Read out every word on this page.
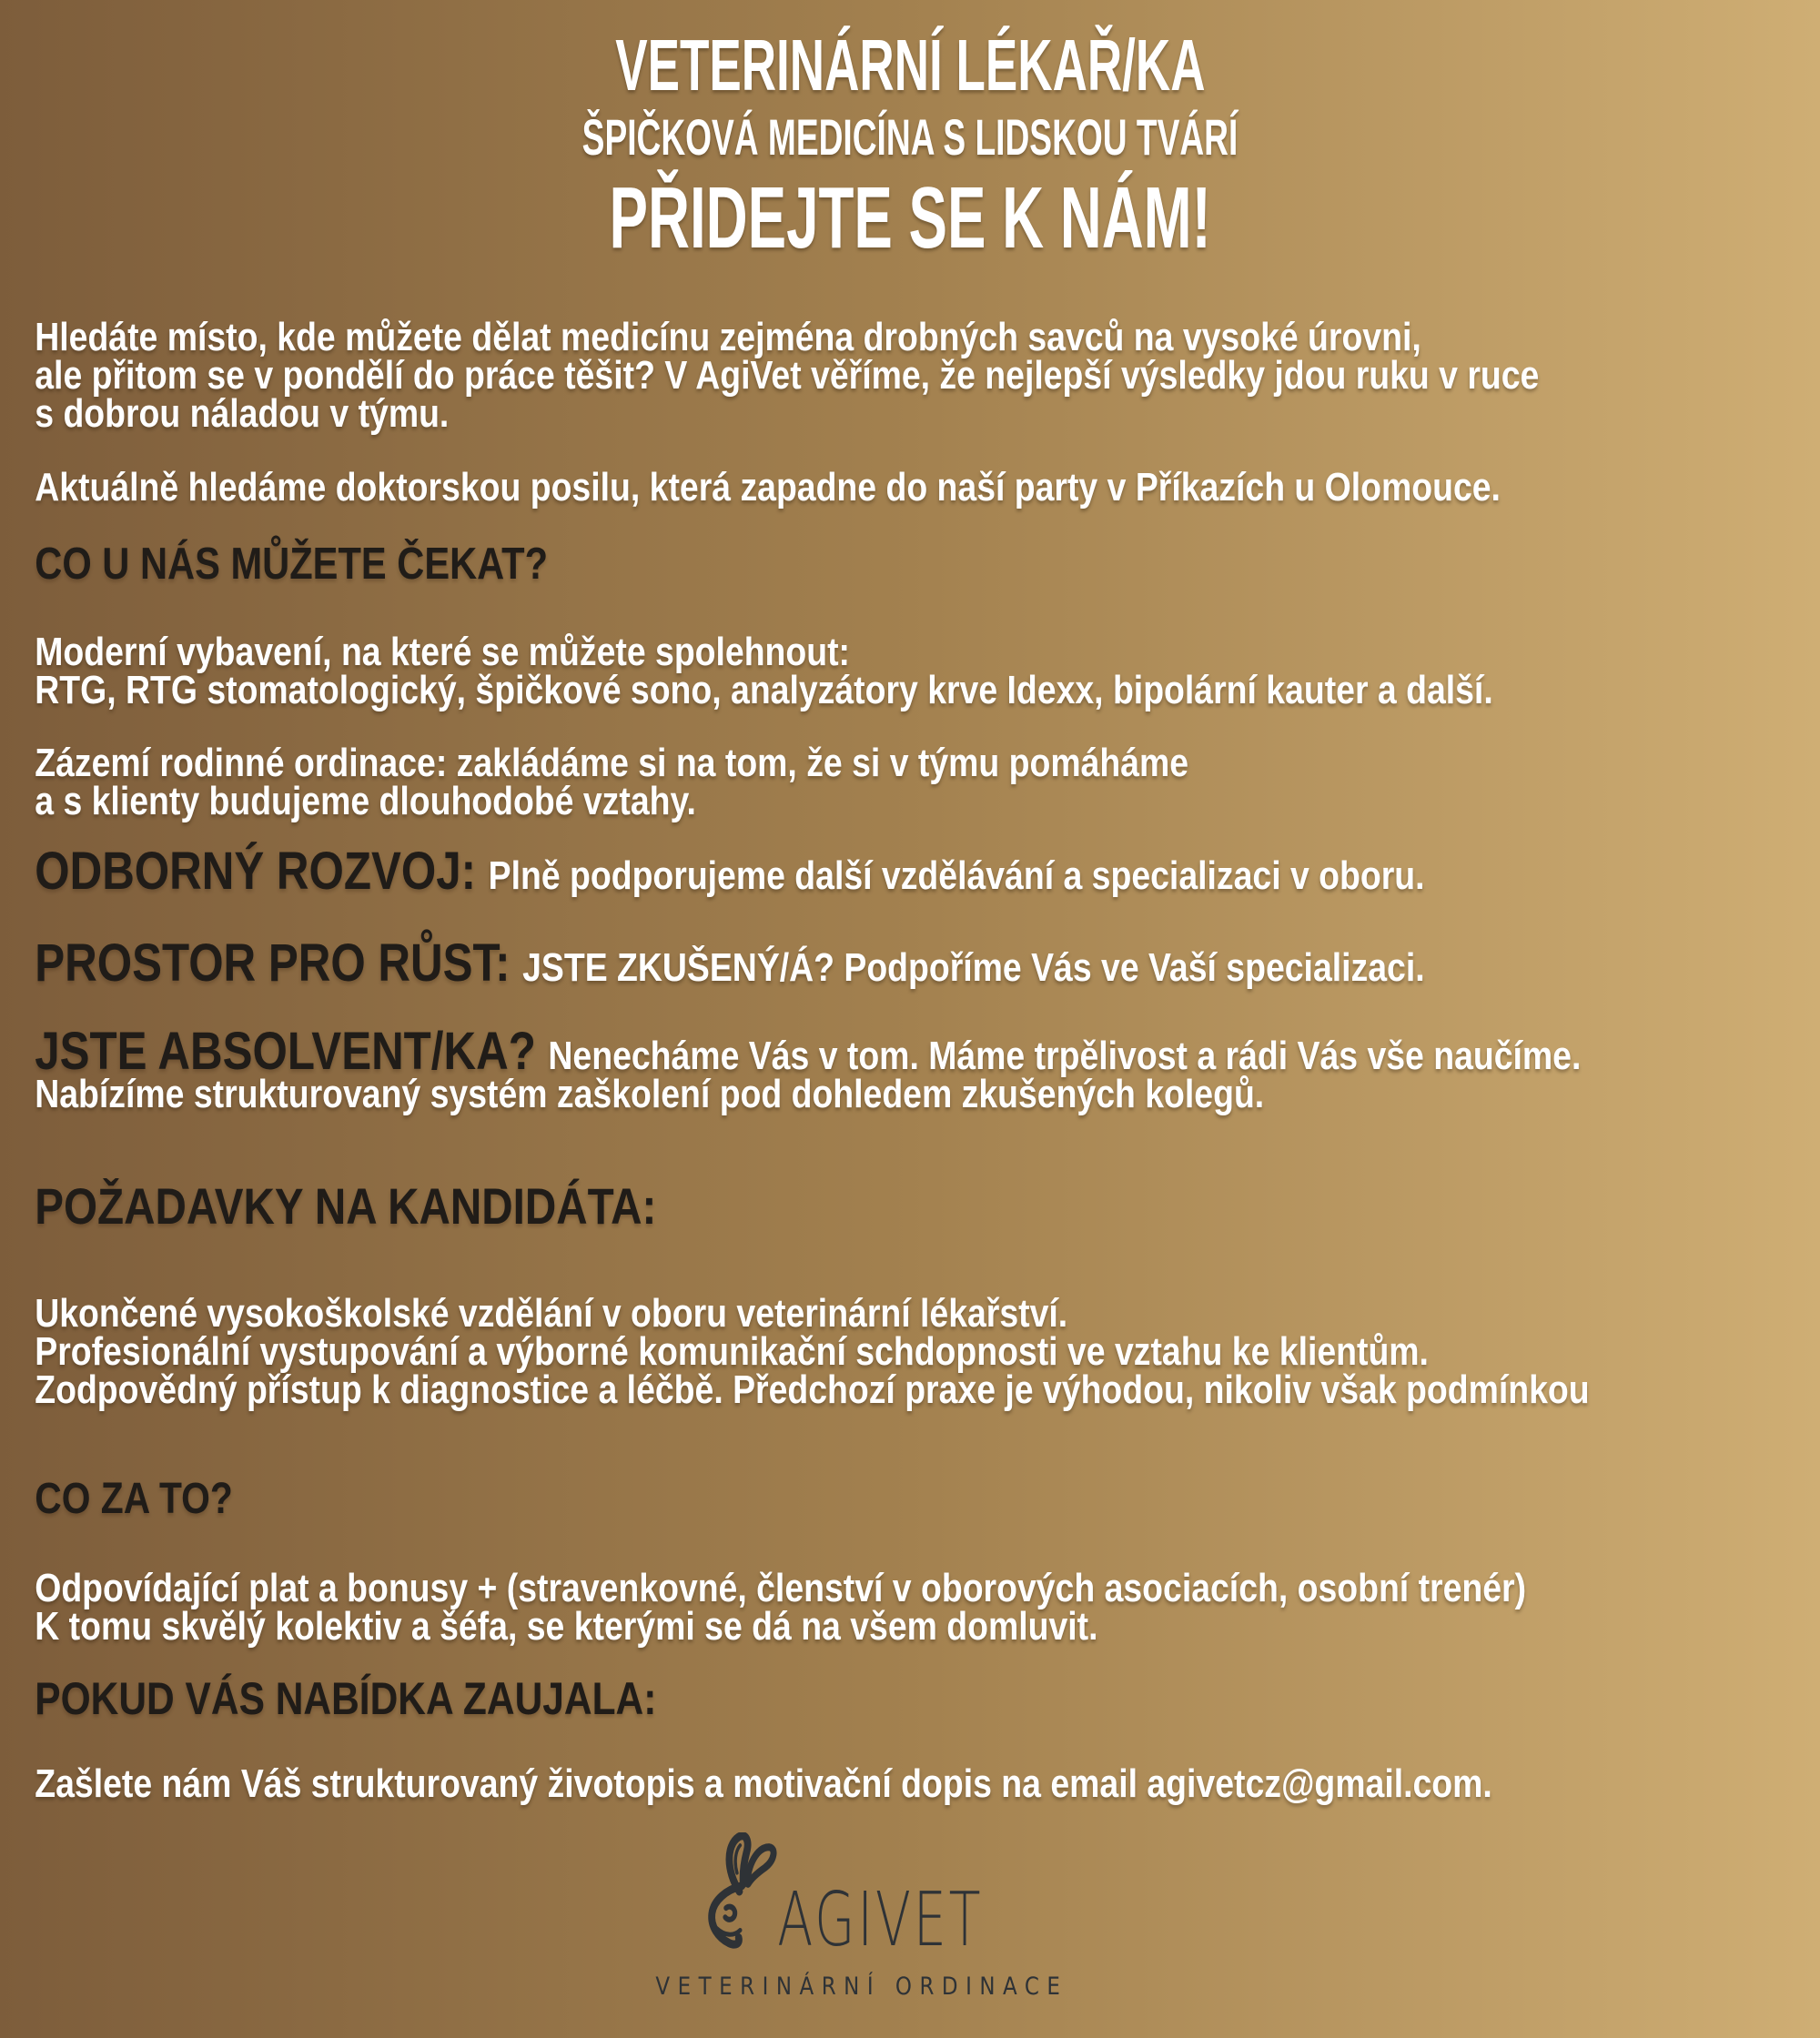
VETERINÁRNÍ LÉKAŘ/KA
ŠPIČKOVÁ MEDICÍNA S LIDSKOU TVÁRÍ
PŘIDEJTE SE K NÁM!
Hledáte místo, kde můžete dělat medicínu zejména drobných savců na vysoké úrovni,
ale přitom se v pondělí do práce těšit? V AgiVet věříme, že nejlepší výsledky jdou ruku v ruce
s dobrou náladou v týmu.
Aktuálně hledáme doktorskou posilu, která zapadne do naší party v Příkazích u Olomouce.
CO U NÁS MŮŽETE ČEKAT?
Moderní vybavení, na které se můžete spolehnout:
RTG, RTG stomatologický, špičkové sono, analyzátory krve Idexx, bipolární kauter a další.
Zázemí rodinné ordinace: zakládáme si na tom, že si v týmu pomáháme
a s klienty budujeme dlouhodobé vztahy.
ODBORNÝ ROZVOJ: Plně podporujeme další vzdělávání a specializaci v oboru.
PROSTOR PRO RŮST: JSTE ZKUŠENÝ/Á? Podpoříme Vás ve Vaší specializaci.
JSTE ABSOLVENT/KA? Nenecháme Vás v tom. Máme trpělivost a rádi Vás vše naučíme.
Nabízíme strukturovaný systém zaškolení pod dohledem zkušených kolegů.
POŽADAVKY NA KANDIDÁTA:
Ukončené vysokoškolské vzdělání v oboru veterinární lékařství.
Profesionální vystupování a výborné komunikační schdopnosti ve vztahu ke klientům.
Zodpovědný přístup k diagnostice a léčbě. Předchozí praxe je výhodou, nikoliv však podmínkou
CO ZA TO?
Odpovídající plat a bonusy + (stravenkovné, členství v oborových asociacích, osobní trenér)
K tomu skvělý kolektiv a šéfa, se kterými se dá na všem domluvit.
POKUD VÁS NABÍDKA ZAUJALA:
Zašlete nám Váš strukturovaný životopis a motivační dopis na email agivetcz@gmail.com.
AGIVET
VETERINÁRNÍ ORDINACE
